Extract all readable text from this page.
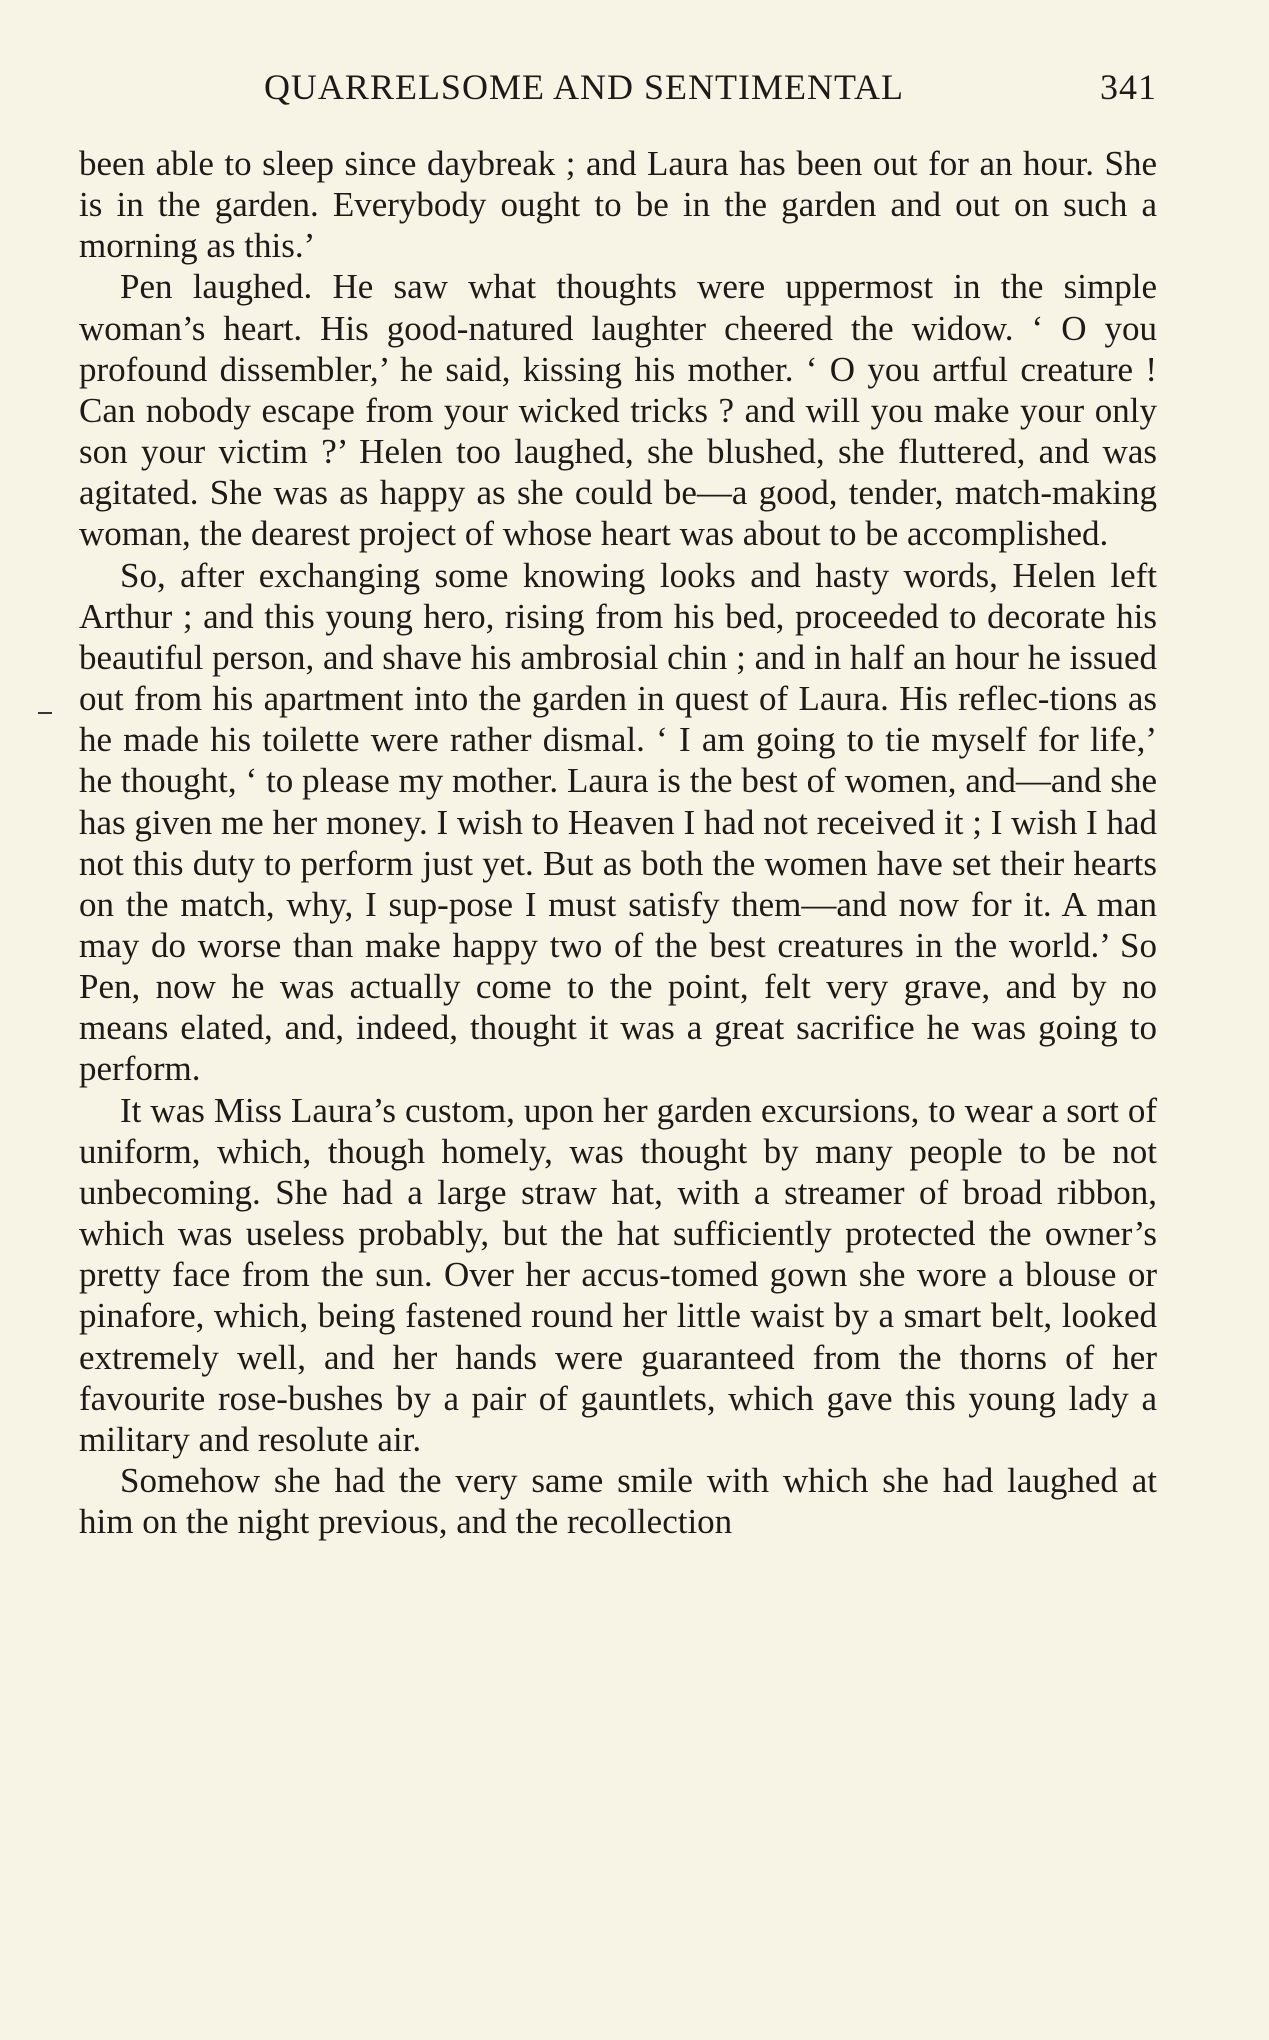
QUARRELSOME AND SENTIMENTAL	341

been able to sleep since daybreak ; and Laura has been out for an hour. She is in the garden. Everybody ought to be in the garden and out on such a morning as this.’

Pen laughed. He saw what thoughts were uppermost in the simple woman’s heart. His good-natured laughter cheered the widow. ‘ O you profound dissembler,’ he said, kissing his mother. ‘ O you artful creature ! Can nobody escape from your wicked tricks ? and will you make your only son your victim ?’ Helen too laughed, she blushed, she fluttered, and was agitated. She was as happy as she could be—a good, tender, match-making woman, the dearest project of whose heart was about to be accomplished.

So, after exchanging some knowing looks and hasty words, Helen left Arthur ; and this young hero, rising from his bed, proceeded to decorate his beautiful person, and shave his ambrosial chin ; and in half an hour he issued out from his apartment into the garden in quest of Laura. His reflec-tions as he made his toilette were rather dismal. ‘ I am going to tie myself for life,’ he thought, ‘ to please my mother. Laura is the best of women, and—and she has given me her money. I wish to Heaven I had not received it ; I wish I had not this duty to perform just yet. But as both the women have set their hearts on the match, why, I sup-pose I must satisfy them—and now for it. A man may do worse than make happy two of the best creatures in the world.’ So Pen, now he was actually come to the point, felt very grave, and by no means elated, and, indeed, thought it was a great sacrifice he was going to perform.

It was Miss Laura’s custom, upon her garden excursions, to wear a sort of uniform, which, though homely, was thought by many people to be not unbecoming. She had a large straw hat, with a streamer of broad ribbon, which was useless probably, but the hat sufficiently protected the owner’s pretty face from the sun. Over her accus-tomed gown she wore a blouse or pinafore, which, being fastened round her little waist by a smart belt, looked extremely well, and her hands were guaranteed from the thorns of her favourite rose-bushes by a pair of gauntlets, which gave this young lady a military and resolute air.

Somehow she had the very same smile with which she had laughed at him on the night previous, and the recollection
